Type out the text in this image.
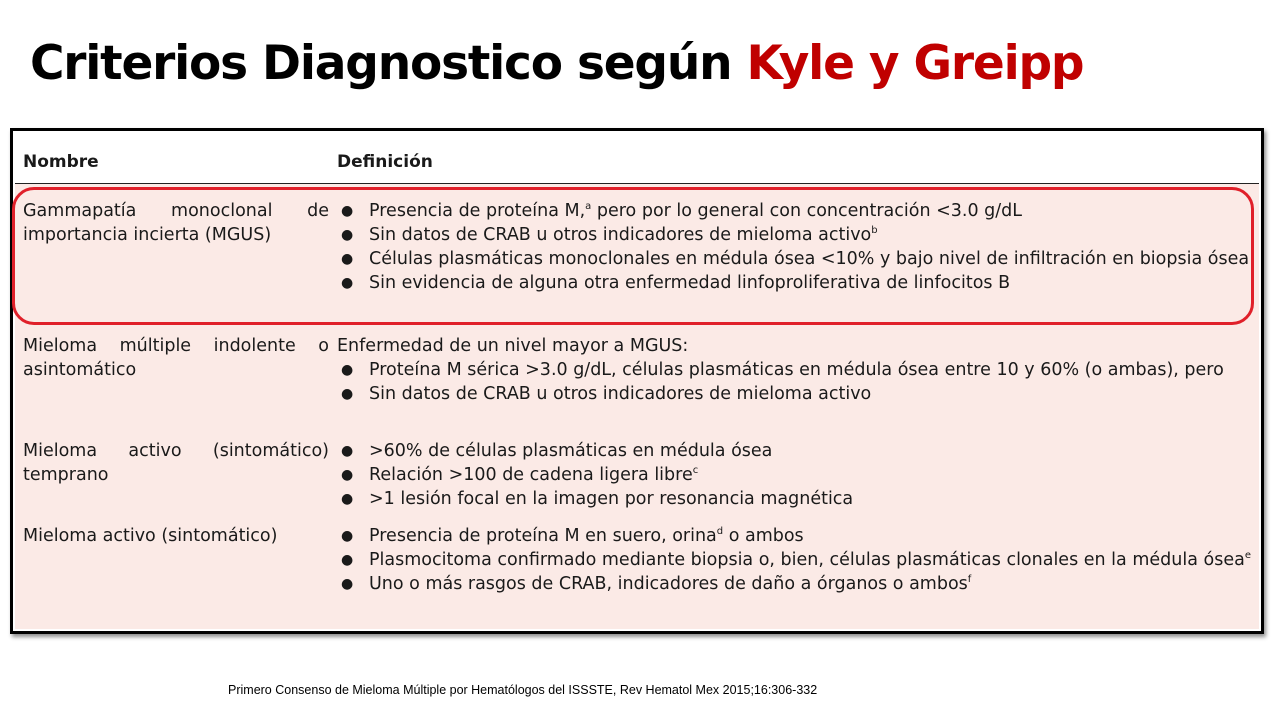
Criterios Diagnostico según Kyle y Greipp
Nombre	Definición
Gammapatía monoclonal de importancia incierta (MGUS)
● Presencia de proteína M,$^a$ pero por lo general con concentración <3.0 g/dL
● Sin datos de CRAB u otros indicadores de mieloma activo$^b$
● Células plasmáticas monoclonales en médula ósea <10% y bajo nivel de infiltración en biopsia ósea
● Sin evidencia de alguna otra enfermedad linfoproliferativa de linfocitos B
Mieloma múltiple indolente o asintomático

Enfermedad de un nivel mayor a MGUS:

● Proteína M sérica >3.0 g/dL, células plasmáticas en médula ósea entre 10 y 60% (o ambas), pero
● Sin datos de CRAB u otros indicadores de mieloma activo
Mieloma activo (sintomático) temprano
● >60% de células plasmáticas en médula ósea
● Relación >100 de cadena ligera libre$^c$
● >1 lesión focal en la imagen por resonancia magnética
Mieloma activo (sintomático)	● Presencia de proteína M en suero, orina$^d$ o ambos
● Plasmocitoma confirmado mediante biopsia o, bien, células plasmáticas clonales en la médula ósea$^e$
● Uno o más rasgos de CRAB, indicadores de daño a órganos o ambos$^f$
Primero Consenso de Mieloma Múltiple por Hematólogos del ISSSTE, Rev Hematol Mex 2015;16:306-332
